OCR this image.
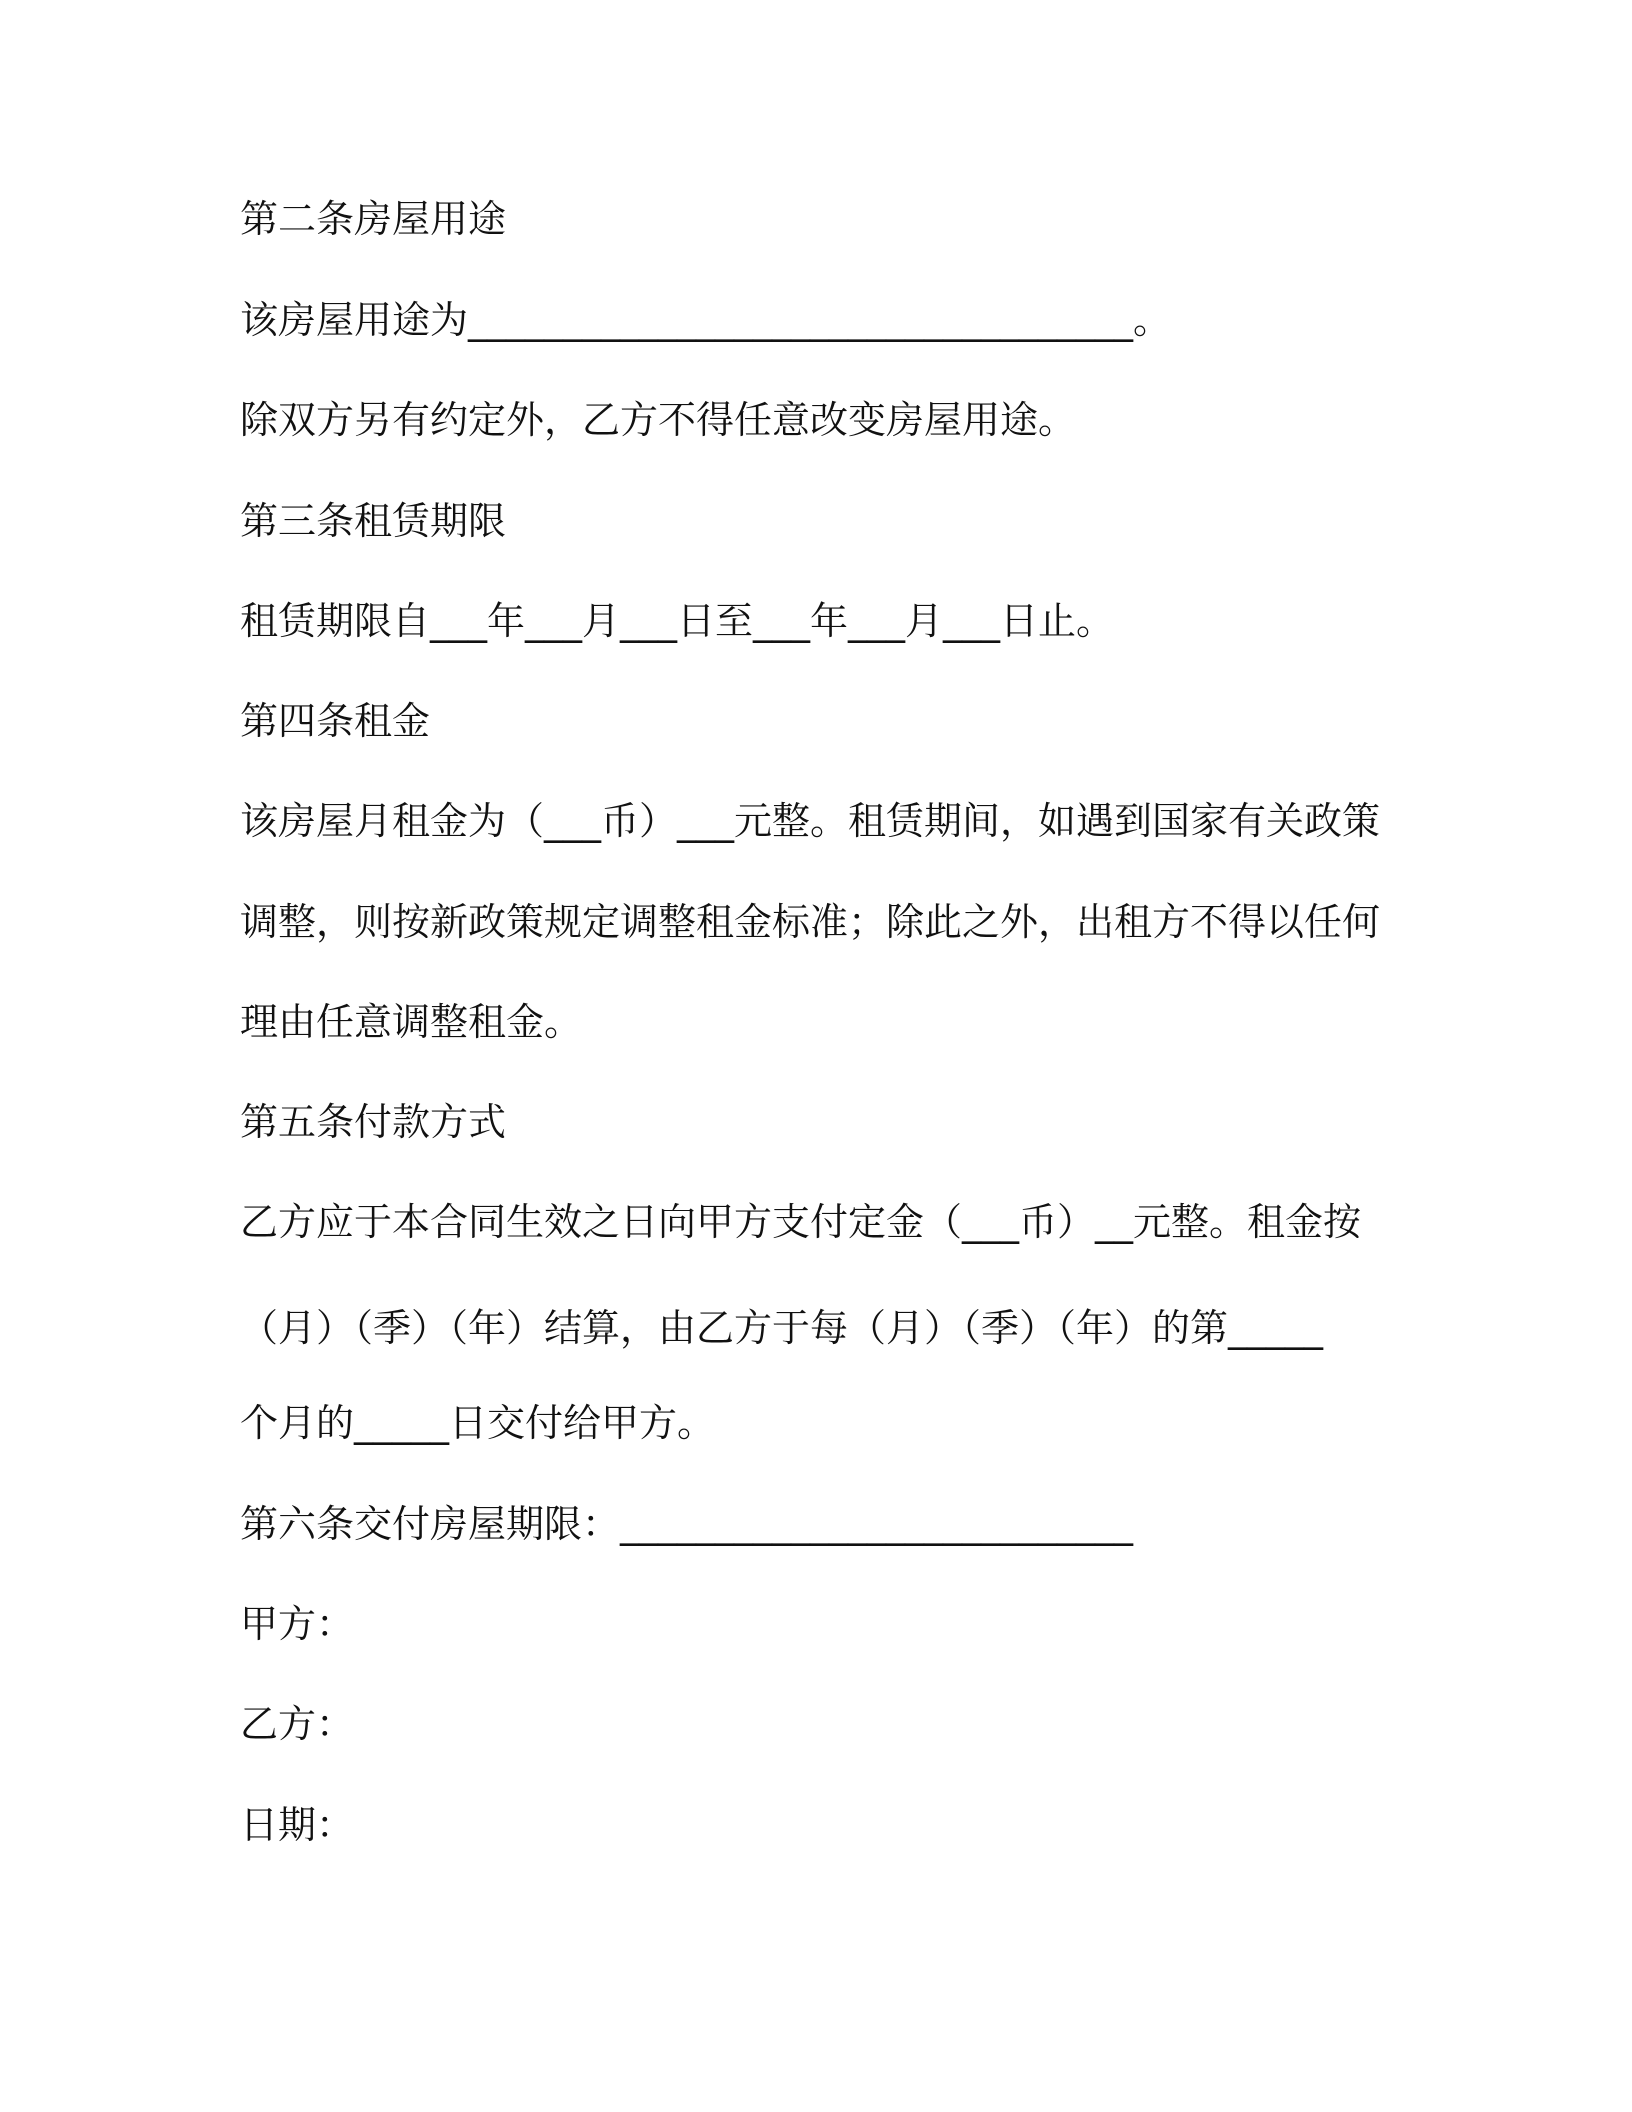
第二条房屋用途
该房屋用途为___________________________________。
除双方另有约定外，乙方不得任意改变房屋用途。
第三条租赁期限
租赁期限自___年___月___日至___年___月___日止。
第四条租金
该房屋月租金为（___币）___元整。租赁期间，如遇到国家有关政策
调整，则按新政策规定调整租金标准；除此之外，出租方不得以任何
理由任意调整租金。
第五条付款方式
乙方应于本合同生效之日向甲方支付定金（___币）__元整。租金按
（月）（季）（年）结算，由乙方于每（月）（季）（年）的第_____
个月的_____日交付给甲方。
第六条交付房屋期限：___________________________
甲方：
乙方：
日期：
